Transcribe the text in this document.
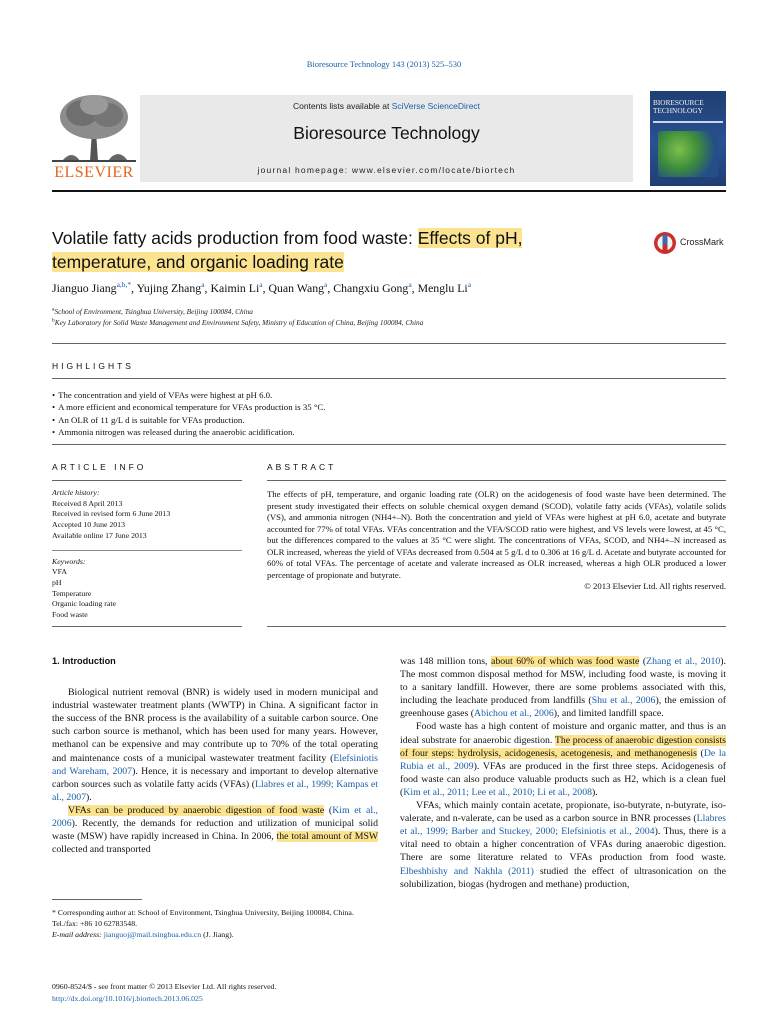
Bioresource Technology 143 (2013) 525–530
ELSEVIER
Contents lists available at SciVerse ScienceDirect
Bioresource Technology
journal homepage: www.elsevier.com/locate/biortech
BIORESOURCE TECHNOLOGY
Volatile fatty acids production from food waste: Effects of pH,
temperature, and organic loading rate
CrossMark
Jianguo Jiang$^{a,b,*}$, Yujing Zhang$^a$, Kaimin Li$^a$, Quan Wang$^a$, Changxiu Gong$^a$, Menglu Li$^a$
$^a$School of Environment, Tsinghua University, Beijing 100084, China
$^b$Key Laboratory for Solid Waste Management and Environment Safety, Ministry of Education of China, Beijing 100084, China
HIGHLIGHTS
• The concentration and yield of VFAs were highest at pH 6.0.
• A more efficient and economical temperature for VFAs production is 35 °C.
• An OLR of 11 g/L d is suitable for VFAs production.
• Ammonia nitrogen was released during the anaerobic acidification.
ARTICLE INFO	ABSTRACT
Article history:
Received 8 April 2013
Received in revised form 6 June 2013
Accepted 10 June 2013
Available online 17 June 2013
Keywords:
VFA
pH
Temperature
Organic loading rate
Food waste
The effects of pH, temperature, and organic loading rate (OLR) on the acidogenesis of food waste have been determined. The present study investigated their effects on soluble chemical oxygen demand (SCOD), volatile fatty acids (VFAs), volatile solids (VS), and ammonia nitrogen (NH4+–N). Both the concentration and yield of VFAs were highest at pH 6.0, acetate and butyrate accounted for 77% of total VFAs. VFAs concentration and the VFA/SCOD ratio were highest, and VS levels were lowest, at 45 °C, but the differences compared to the values at 35 °C were slight. The concentrations of VFAs, SCOD, and NH4+–N increased as OLR increased, whereas the yield of VFAs decreased from 0.504 at 5 g/L d to 0.306 at 16 g/L d. Acetate and butyrate accounted for 60% of total VFAs. The percentage of acetate and valerate increased as OLR increased, whereas a high OLR produced a lower percentage of propionate and butyrate.
© 2013 Elsevier Ltd. All rights reserved.
1. Introduction

Biological nutrient removal (BNR) is widely used in modern municipal and industrial wastewater treatment plants (WWTP) in China. A significant factor in the success of the BNR process is the availability of a suitable carbon source. One such carbon source is methanol, which has been used for many years. However, methanol can be expensive and may contribute up to 70% of the total operating and maintenance costs of a municipal wastewater treatment facility (Elefsiniotis and Wareham, 2007). Hence, it is necessary and important to develop alternative carbon sources such as volatile fatty acids (VFAs) (Llabres et al., 1999; Kampas et al., 2007).

VFAs can be produced by anaerobic digestion of food waste (Kim et al., 2006). Recently, the demands for reduction and utilization of municipal solid waste (MSW) have rapidly increased in China. In 2006, the total amount of MSW collected and transported

was 148 million tons, about 60% of which was food waste (Zhang et al., 2010). The most common disposal method for MSW, including food waste, is moving it to a sanitary landfill. However, there are some problems associated with this, including the leachate produced from landfills (Shu et al., 2006), the emission of greenhouse gases (Abichou et al., 2006), and limited landfill space.

Food waste has a high content of moisture and organic matter, and thus is an ideal substrate for anaerobic digestion. The process of anaerobic digestion consists of four steps: hydrolysis, acidogenesis, acetogenesis, and methanogenesis (De la Rubia et al., 2009). VFAs are produced in the first three steps. Acidogenesis of food waste can also produce valuable products such as H2, which is a clean fuel (Kim et al., 2011; Lee et al., 2010; Li et al., 2008).

VFAs, which mainly contain acetate, propionate, iso-butyrate, n-butyrate, iso-valerate, and n-valerate, can be used as a carbon source in BNR processes (Llabres et al., 1999; Barber and Stuckey, 2000; Elefsiniotis et al., 2004). Thus, there is a vital need to obtain a higher concentration of VFAs during anaerobic digestion. There are some literature related to VFAs production from food waste. Elbeshbishy and Nakhla (2011) studied the effect of ultrasonication on the solubilization, biogas (hydrogen and methane) production,

* Corresponding author at: School of Environment, Tsinghua University, Beijing 100084, China. Tel./fax: +86 10 62783548.
E-mail address: jianguoj@mail.tsinghua.edu.cn (J. Jiang).
0960-8524/$ - see front matter © 2013 Elsevier Ltd. All rights reserved.
http://dx.doi.org/10.1016/j.biortech.2013.06.025
